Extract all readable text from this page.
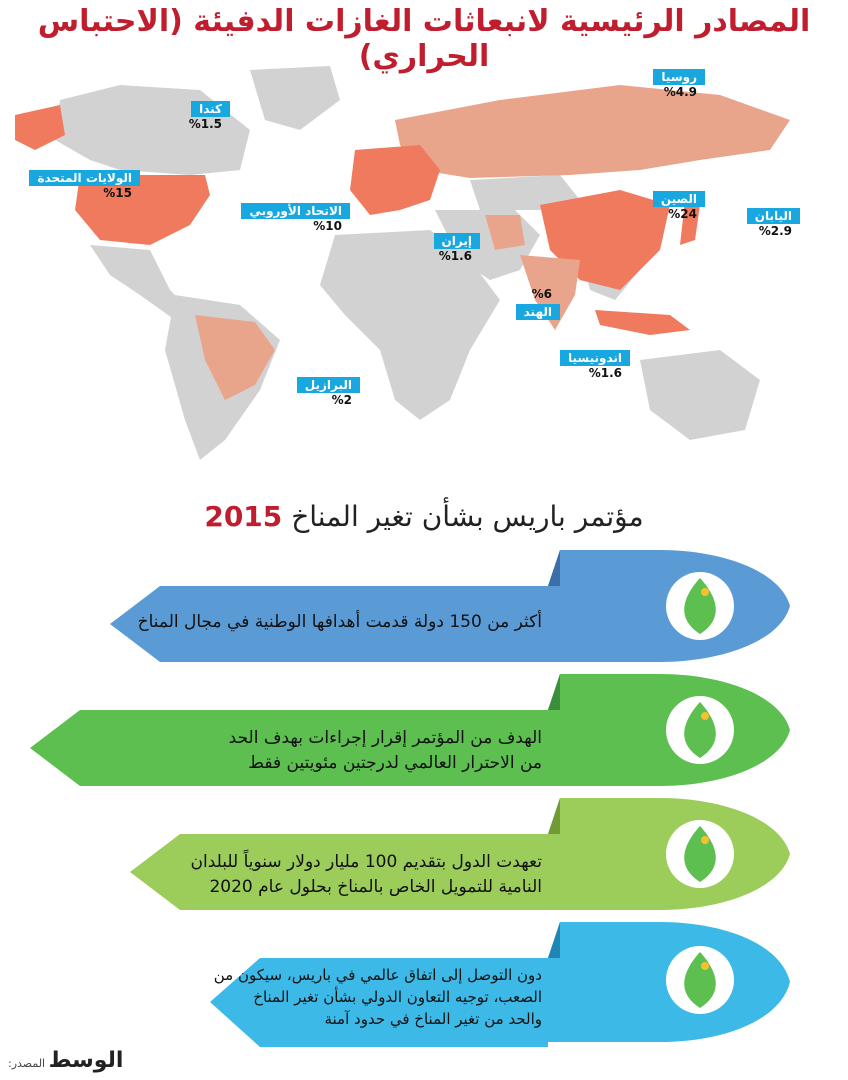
المصادر الرئيسية لانبعاثات الغازات الدفيئة (الاحتباس الحراري)
روسيا
%4.9
كندا
%1.5
الولايات المتحدة
%15
الاتحاد الأوروبي
%10
إيران
%1.6
الصين
%24	اليابان
%2.9
%6
الهند
اندونيسيا
%1.6
البرازيل
%2
مؤتمر باريس بشأن تغير المناخ 2015
أكثر من 150 دولة قدمت أهدافها الوطنية في مجال المناخ
الهدف من المؤتمر إقرار إجراءات بهدف الحد
من الاحترار العالمي لدرجتين مئويتين فقط
تعهدت الدول بتقديم 100 مليار دولار سنوياً للبلدان
النامية للتمويل الخاص بالمناخ بحلول عام 2020
دون التوصل إلى اتفاق عالمي في باريس، سيكون من
الصعب، توجيه التعاون الدولي بشأن تغير المناخ
والحد من تغير المناخ في حدود آمنة
الوسط المصدر:
